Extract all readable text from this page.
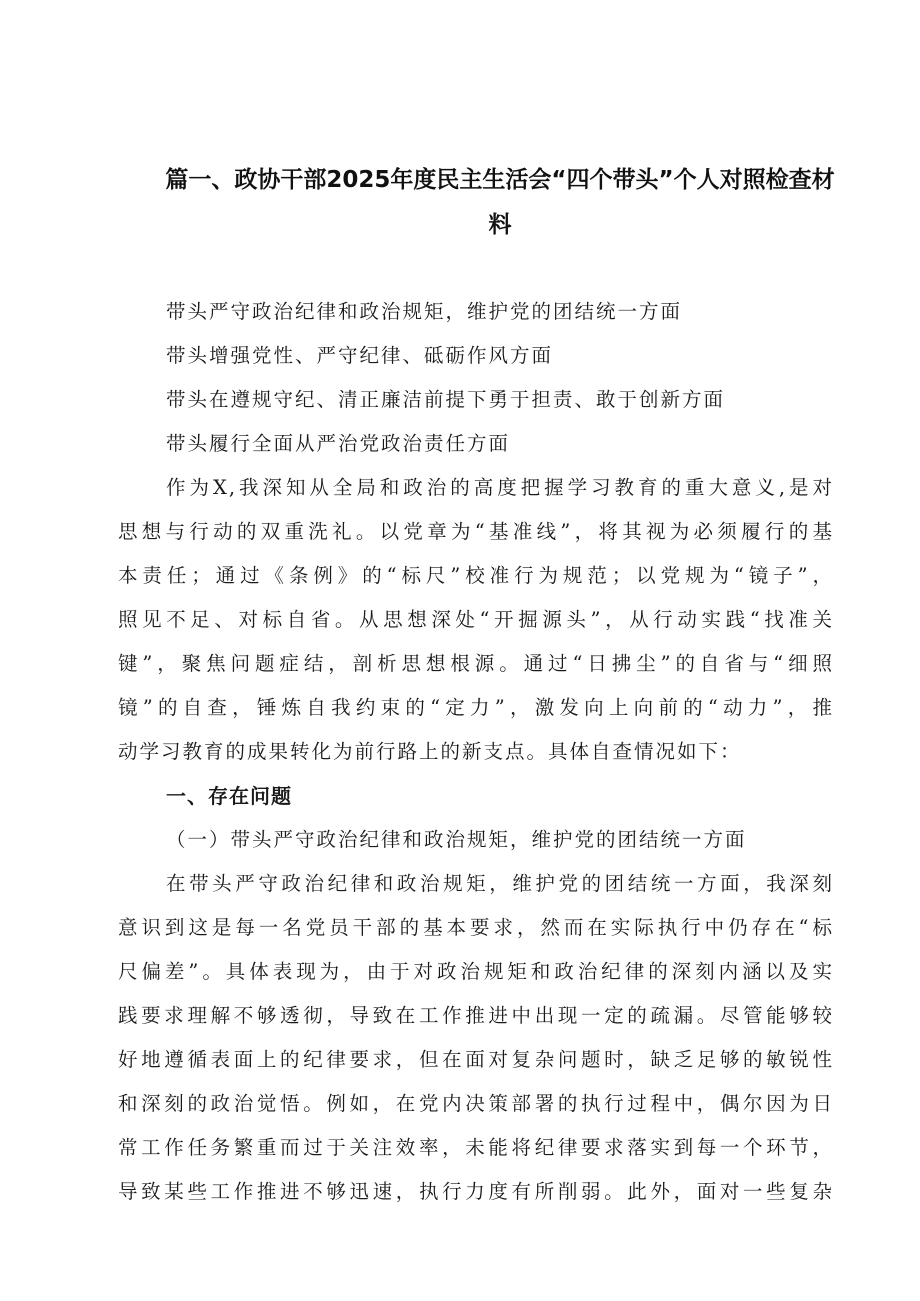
篇一、政协干部2025年度民主生活会“四个带头”个人对照检查材
料
带头严守政治纪律和政治规矩，维护党的团结统一方面
带头增强党性、严守纪律、砥砺作风方面
带头在遵规守纪、清正廉洁前提下勇于担责、敢于创新方面
带头履行全面从严治党政治责任方面
作为X,我深知从全局和政治的高度把握学习教育的重大意义,是对
思想与行动的双重洗礼。以党章为“基准线”，将其视为必须履行的基
本责任；通过《条例》的“标尺”校准行为规范；以党规为“镜子”，
照见不足、对标自省。从思想深处“开掘源头”，从行动实践“找准关
键”，聚焦问题症结，剖析思想根源。通过“日拂尘”的自省与“细照
镜”的自查，锤炼自我约束的“定力”，激发向上向前的“动力”，推
动学习教育的成果转化为前行路上的新支点。具体自查情况如下：
一、存在问题
（一）带头严守政治纪律和政治规矩，维护党的团结统一方面
在带头严守政治纪律和政治规矩，维护党的团结统一方面，我深刻
意识到这是每一名党员干部的基本要求，然而在实际执行中仍存在“标
尺偏差”。具体表现为，由于对政治规矩和政治纪律的深刻内涵以及实
践要求理解不够透彻，导致在工作推进中出现一定的疏漏。尽管能够较
好地遵循表面上的纪律要求，但在面对复杂问题时，缺乏足够的敏锐性
和深刻的政治觉悟。例如，在党内决策部署的执行过程中，偶尔因为日
常工作任务繁重而过于关注效率，未能将纪律要求落实到每一个环节，
导致某些工作推进不够迅速，执行力度有所削弱。此外，面对一些复杂
